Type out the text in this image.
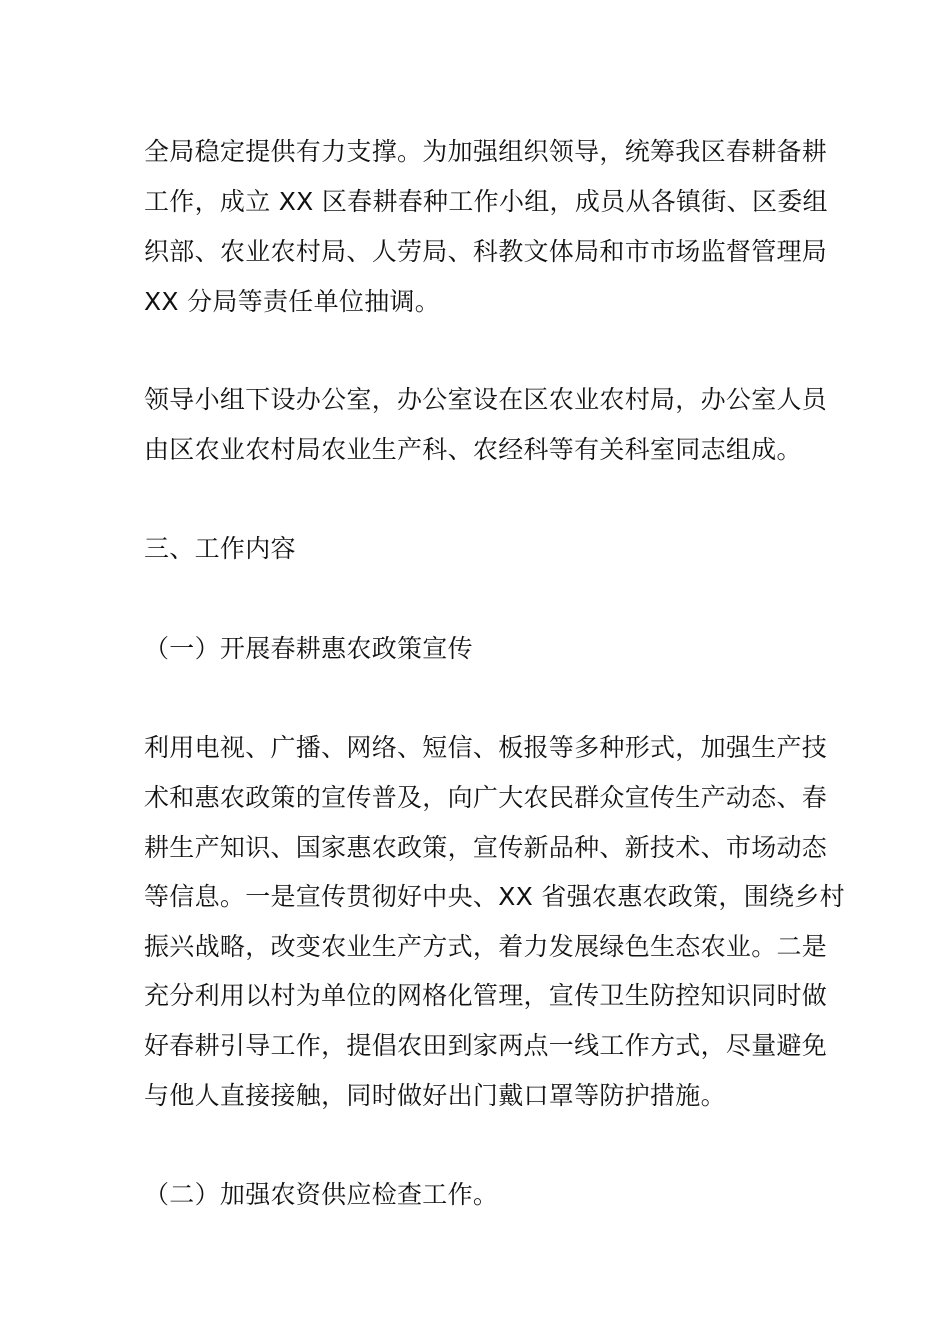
全局稳定提供有力支撑。为加强组织领导，统筹我区春耕备耕
工作，成立 XX 区春耕春种工作小组，成员从各镇街、区委组
织部、农业农村局、人劳局、科教文体局和市市场监督管理局
XX 分局等责任单位抽调。
领导小组下设办公室，办公室设在区农业农村局，办公室人员
由区农业农村局农业生产科、农经科等有关科室同志组成。
三、工作内容
（一）开展春耕惠农政策宣传
利用电视、广播、网络、短信、板报等多种形式，加强生产技
术和惠农政策的宣传普及，向广大农民群众宣传生产动态、春
耕生产知识、国家惠农政策，宣传新品种、新技术、市场动态
等信息。一是宣传贯彻好中央、XX 省强农惠农政策，围绕乡村
振兴战略，改变农业生产方式，着力发展绿色生态农业。二是
充分利用以村为单位的网格化管理，宣传卫生防控知识同时做
好春耕引导工作，提倡农田到家两点一线工作方式，尽量避免
与他人直接接触，同时做好出门戴口罩等防护措施。
（二）加强农资供应检查工作。
